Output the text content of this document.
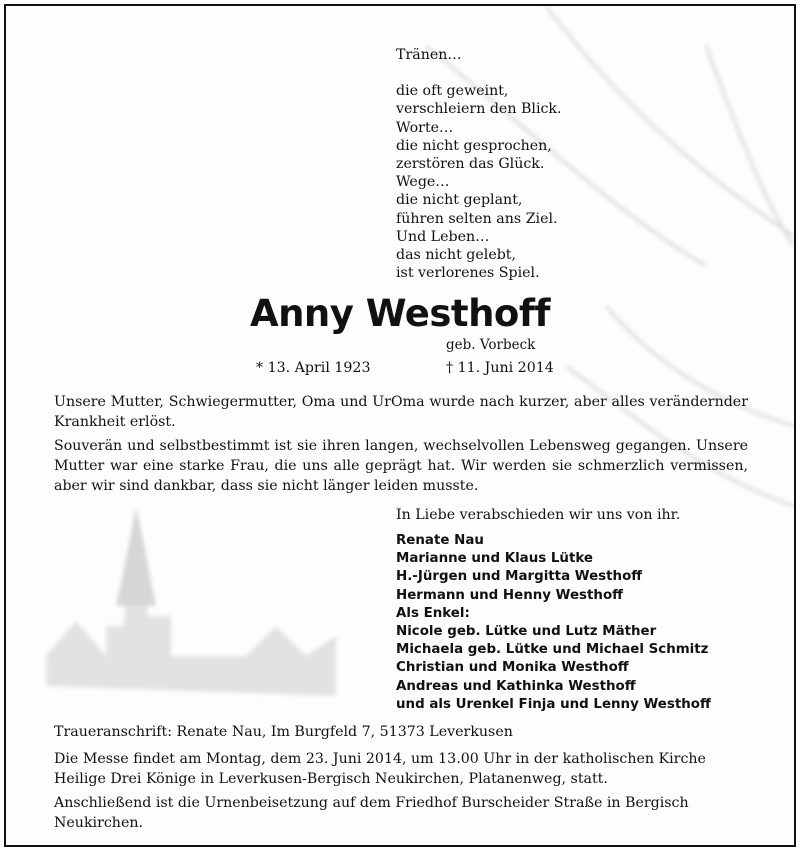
Tränen…
die oft geweint,
verschleiern den Blick.
Worte…
die nicht gesprochen,
zerstören das Glück.
Wege…
die nicht geplant,
führen selten ans Ziel.
Und Leben…
das nicht gelebt,
ist verlorenes Spiel.
Anny Westhoff
geb. Vorbeck
* 13. April 1923	† 11. Juni 2014
Unsere Mutter, Schwiegermutter, Oma und UrOma wurde nach kurzer, aber alles verändernder Krankheit erlöst.
Souverän und selbstbestimmt ist sie ihren langen, wechselvollen Lebensweg gegangen. Unsere Mutter war eine starke Frau, die uns alle geprägt hat. Wir werden sie schmerzlich vermissen, aber wir sind dankbar, dass sie nicht länger leiden musste.
In Liebe verabschieden wir uns von ihr.
Renate Nau
Marianne und Klaus Lütke
H.-Jürgen und Margitta Westhoff
Hermann und Henny Westhoff
Als Enkel:
Nicole geb. Lütke und Lutz Mäther
Michaela geb. Lütke und Michael Schmitz
Christian und Monika Westhoff
Andreas und Kathinka Westhoff
und als Urenkel Finja und Lenny Westhoff
Traueranschrift: Renate Nau, Im Burgfeld 7, 51373 Leverkusen
Die Messe findet am Montag, dem 23. Juni 2014, um 13.00 Uhr in der katholischen Kirche Heilige Drei Könige in Leverkusen-Bergisch Neukirchen, Platanenweg, statt.
Anschließend ist die Urnenbeisetzung auf dem Friedhof Burscheider Straße in Bergisch Neukirchen.
